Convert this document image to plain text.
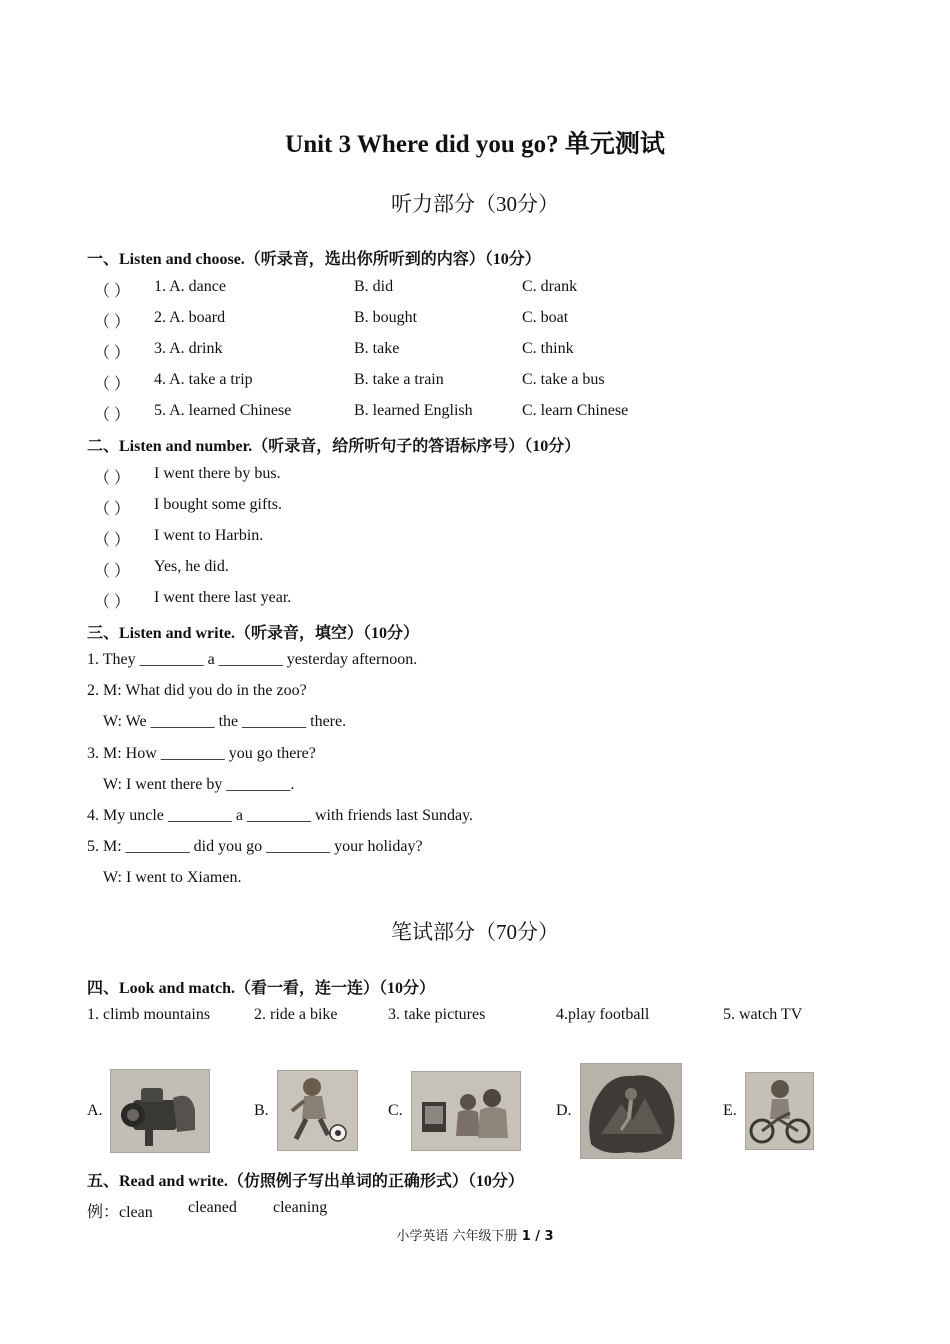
Unit 3 Where did you go? 单元测试
听力部分（30分）
一、Listen and choose.（听录音，选出你所听到的内容）（10分）
（ ） 1. A. dance	B. did	C. drank
（ ） 2. A. board	B. bought	C. boat
（ ） 3. A. drink	B. take	C. think
（ ） 4. A. take a trip	B. take a train	C. take a bus
（ ） 5. A. learned Chinese	B. learned English	C. learn Chinese
二、Listen and number.（听录音，给所听句子的答语标序号）（10分）
（ ） I went there by bus.
（ ） I bought some gifts.
（ ） I went to Harbin.
（ ） Yes, he did.
（ ） I went there last year.
三、Listen and write.（听录音，填空）（10分）
1. They ________ a ________ yesterday afternoon.
2. M: What did you do in the zoo?
W: We ________ the ________ there.
3. M: How ________ you go there?
W: I went there by ________.
4. My uncle ________ a ________ with friends last Sunday.
5. M: ________ did you go ________ your holiday?
W: I went to Xiamen.
笔试部分（70分）
四、Look and match.（看一看，连一连）（10分）
1. climb mountains	2. ride a bike	3. take pictures	4.play football	5. watch TV
A.	B.	C.	D.	E.
五、Read and write.（仿照例子写出单词的正确形式）（10分）
例：clean cleaned cleaning
小学英语 六年级下册 1 / 3
